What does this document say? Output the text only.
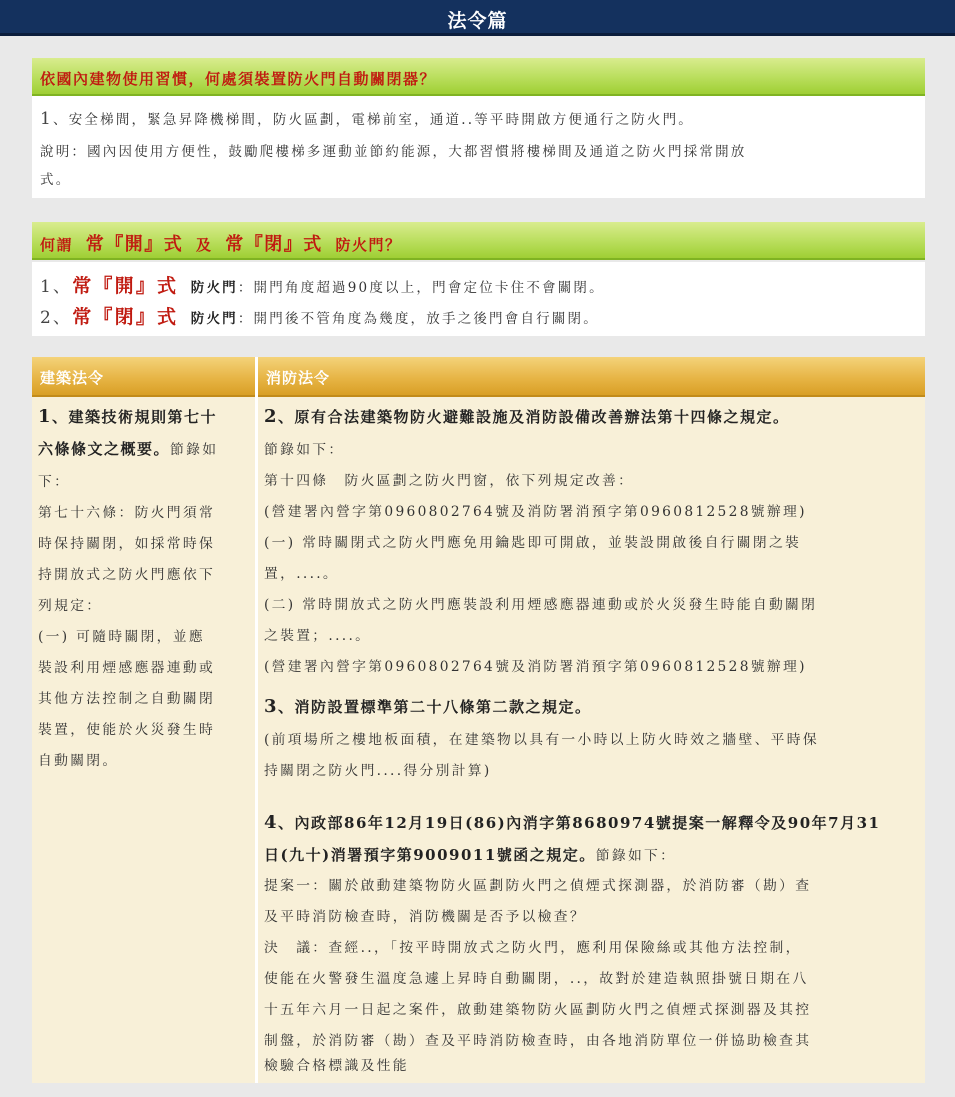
法令篇
依國內建物使用習慣，何處須裝置防火門自動關閉器？
1、安全梯間，緊急昇降機梯間，防火區劃，電梯前室，通道..等平時開啟方便通行之防火門。
說明：國內因使用方便性，鼓勵爬樓梯多運動並節約能源，大都習慣將樓梯間及通道之防火門採常開放
式。
何謂 常『開』式 及 常『閉』式 防火門？
1、常『開』式 防火門：開門角度超過90度以上，門會定位卡住不會關閉。
2、常『閉』式 防火門：開門後不管角度為幾度，放手之後門會自行關閉。
建築法令	消防法令
1、建築技術規則第七十
六條條文之概要。節錄如
下：
第七十六條：防火門須常
時保持關閉，如採常時保
持開放式之防火門應依下
列規定：
(一) 可隨時關閉，並應
裝設利用煙感應器連動或
其他方法控制之自動關閉
裝置，使能於火災發生時
自動關閉。
2、原有合法建築物防火避難設施及消防設備改善辦法第十四條之規定。
節錄如下：
第十四條　防火區劃之防火門窗，依下列規定改善：
(營建署內營字第0960802764號及消防署消預字第0960812528號辦理)
(一) 常時關閉式之防火門應免用鑰匙即可開啟，並裝設開啟後自行關閉之裝
置，....。
(二) 常時開放式之防火門應裝設利用煙感應器連動或於火災發生時能自動關閉
之裝置；....。
(營建署內營字第0960802764號及消防署消預字第0960812528號辦理)
3、消防設置標準第二十八條第二款之規定。
(前項場所之樓地板面積，在建築物以具有一小時以上防火時效之牆壁、平時保
持關閉之防火門....得分別計算)
4、內政部86年12月19日(86)內消字第8680974號提案一解釋令及90年7月31
日(九十)消署預字第9009011號函之規定。節錄如下：
提案一：關於啟動建築物防火區劃防火門之偵煙式探測器，於消防審（勘）查
及平時消防檢查時，消防機關是否予以檢查？
決　議：查經..，「按平時開放式之防火門，應利用保險絲或其他方法控制，
使能在火警發生溫度急遽上昇時自動關閉，..，故對於建造執照掛號日期在八
十五年六月一日起之案件，啟動建築物防火區劃防火門之偵煙式探測器及其控
制盤，於消防審（勘）查及平時消防檢查時，由各地消防單位一併協助檢查其
檢驗合格標識及性能
